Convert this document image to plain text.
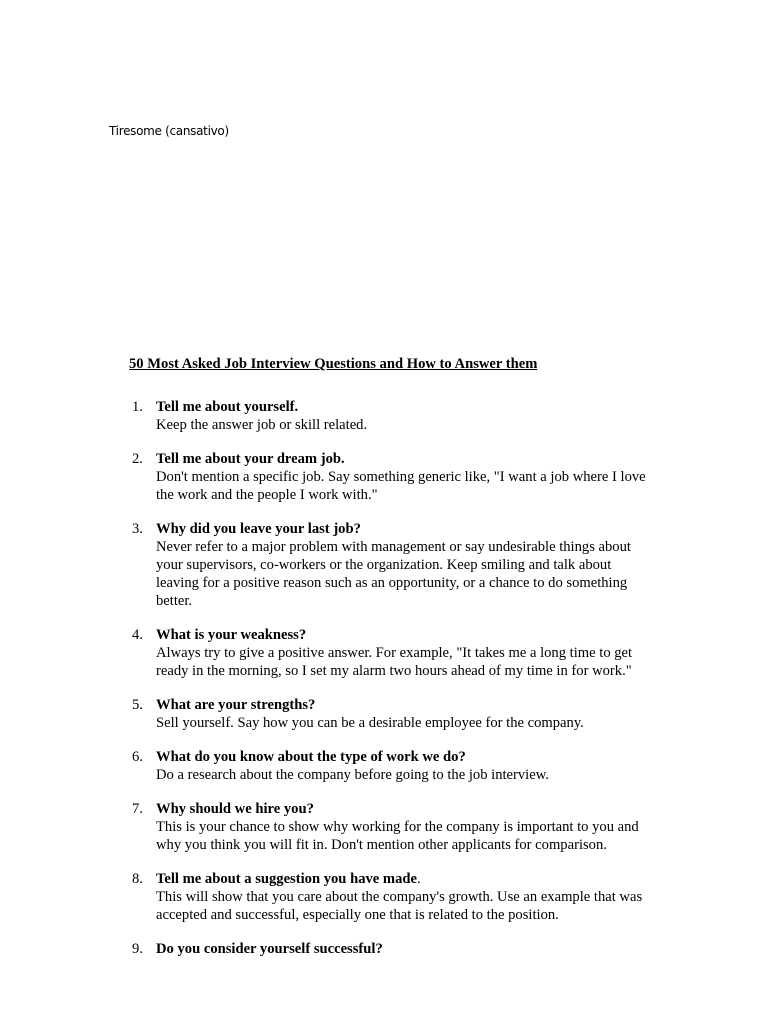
Tiresome (cansativo)
50 Most Asked Job Interview Questions and How to Answer them
1. Tell me about yourself.
Keep the answer job or skill related.
2. Tell me about your dream job.
Don't mention a specific job. Say something generic like, "I want a job where I love the work and the people I work with."
3. Why did you leave your last job?
Never refer to a major problem with management or say undesirable things about your supervisors, co-workers or the organization. Keep smiling and talk about leaving for a positive reason such as an opportunity, or a chance to do something better.
4. What is your weakness?
Always try to give a positive answer. For example, "It takes me a long time to get ready in the morning, so I set my alarm two hours ahead of my time in for work."
5. What are your strengths?
Sell yourself. Say how you can be a desirable employee for the company.
6. What do you know about the type of work we do?
Do a research about the company before going to the job interview.
7. Why should we hire you?
This is your chance to show why working for the company is important to you and why you think you will fit in. Don't mention other applicants for comparison.
8. Tell me about a suggestion you have made.
This will show that you care about the company's growth. Use an example that was accepted and successful, especially one that is related to the position.
9. Do you consider yourself successful?
